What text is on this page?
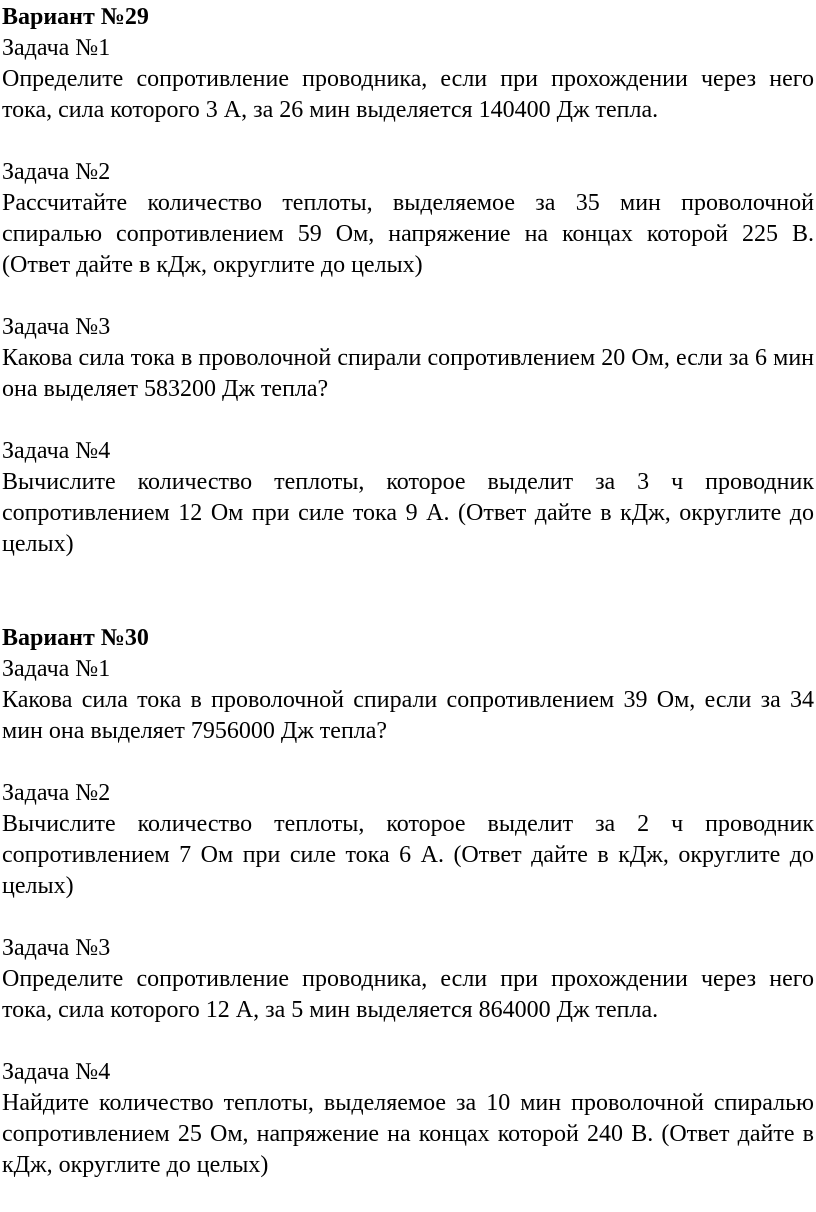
Вариант №29

Задача №1

Определите сопротивление проводника, если при прохождении через него тока, сила которого 3 А, за 26 мин выделяется 140400 Дж тепла.

Задача №2

Рассчитайте количество теплоты, выделяемое за 35 мин проволочной спиралью сопротивлением 59 Ом, напряжение на концах которой 225 В. (Ответ дайте в кДж, округлите до целых)

Задача №3

Какова сила тока в проволочной спирали сопротивлением 20 Ом, если за 6 мин она выделяет 583200 Дж тепла?

Задача №4

Вычислите количество теплоты, которое выделит за 3 ч проводник сопротивлением 12 Ом при силе тока 9 А. (Ответ дайте в кДж, округлите до целых)

Вариант №30

Задача №1

Какова сила тока в проволочной спирали сопротивлением 39 Ом, если за 34 мин она выделяет 7956000 Дж тепла?

Задача №2

Вычислите количество теплоты, которое выделит за 2 ч проводник сопротивлением 7 Ом при силе тока 6 А. (Ответ дайте в кДж, округлите до целых)

Задача №3

Определите сопротивление проводника, если при прохождении через него тока, сила которого 12 А, за 5 мин выделяется 864000 Дж тепла.

Задача №4

Найдите количество теплоты, выделяемое за 10 мин проволочной спиралью сопротивлением 25 Ом, напряжение на концах которой 240 В. (Ответ дайте в кДж, округлите до целых)
